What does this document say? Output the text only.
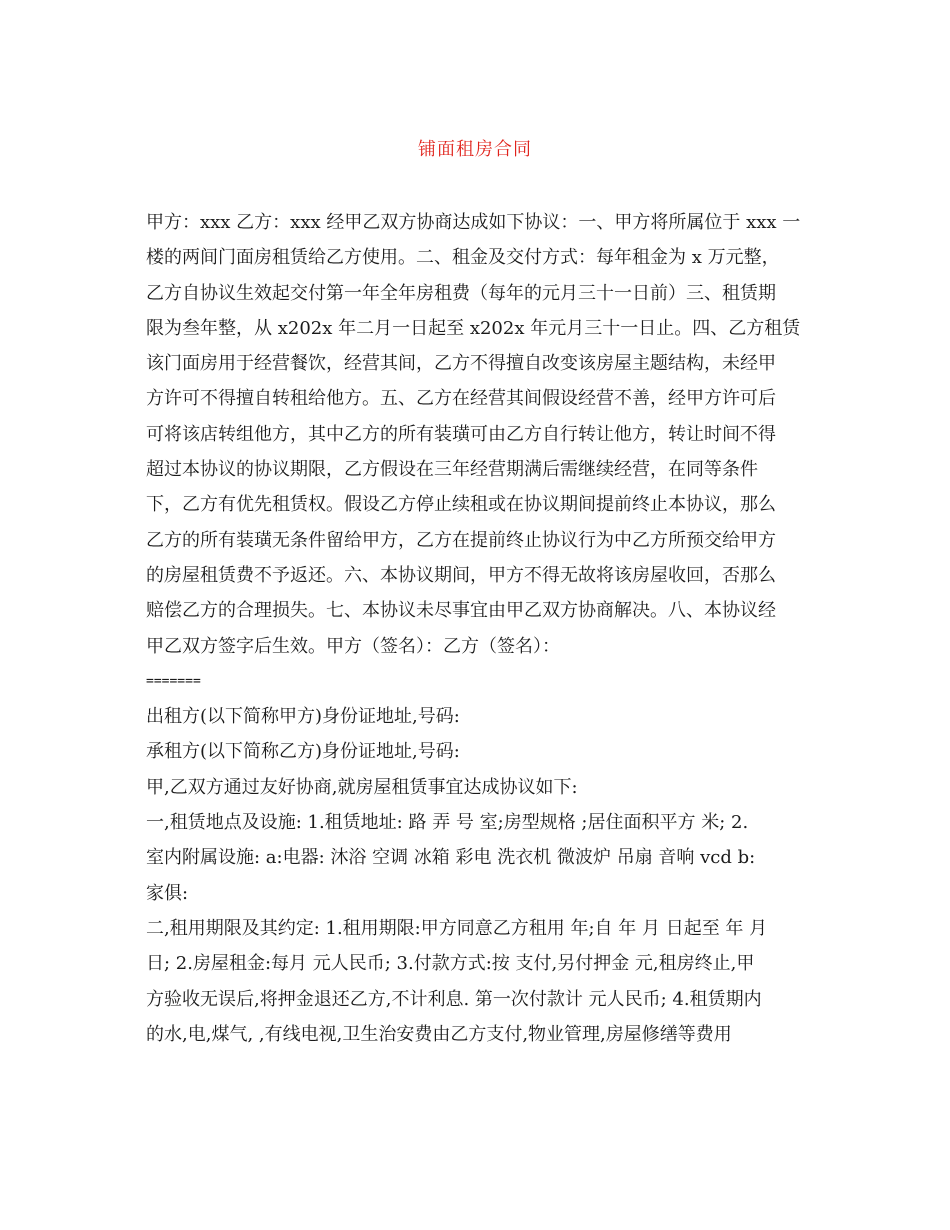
铺面租房合同
甲方：xxx 乙方：xxx 经甲乙双方协商达成如下协议：一、甲方将所属位于 xxx 一
楼的两间门面房租赁给乙方使用。二、租金及交付方式：每年租金为 x 万元整，
乙方自协议生效起交付第一年全年房租费（每年的元月三十一日前）三、租赁期
限为叁年整，从 x202x 年二月一日起至 x202x 年元月三十一日止。四、乙方租赁
该门面房用于经营餐饮，经营其间，乙方不得擅自改变该房屋主题结构，未经甲
方许可不得擅自转租给他方。五、乙方在经营其间假设经营不善，经甲方许可后
可将该店转组他方，其中乙方的所有装璜可由乙方自行转让他方，转让时间不得
超过本协议的协议期限，乙方假设在三年经营期满后需继续经营，在同等条件
下，乙方有优先租赁权。假设乙方停止续租或在协议期间提前终止本协议，那么
乙方的所有装璜无条件留给甲方，乙方在提前终止协议行为中乙方所预交给甲方
的房屋租赁费不予返还。六、本协议期间，甲方不得无故将该房屋收回，否那么
赔偿乙方的合理损失。七、本协议未尽事宜由甲乙双方协商解决。八、本协议经
甲乙双方签字后生效。甲方（签名）：乙方（签名）：
=======
出租方(以下简称甲方)身份证地址,号码:
承租方(以下简称乙方)身份证地址,号码:
甲,乙双方通过友好协商,就房屋租赁事宜达成协议如下:
一,租赁地点及设施: 1.租赁地址: 路 弄 号 室;房型规格 ;居住面积平方 米; 2.
室内附属设施: a:电器: 沐浴 空调 冰箱 彩电 洗衣机 微波炉 吊扇 音响 vcd b:
家俱:
二,租用期限及其约定: 1.租用期限:甲方同意乙方租用 年;自 年 月 日起至 年 月
日; 2.房屋租金:每月 元人民币; 3.付款方式:按 支付,另付押金 元,租房终止,甲
方验收无误后,将押金退还乙方,不计利息. 第一次付款计 元人民币; 4.租赁期内
的水,电,煤气, ,有线电视,卫生治安费由乙方支付,物业管理,房屋修缮等费用
